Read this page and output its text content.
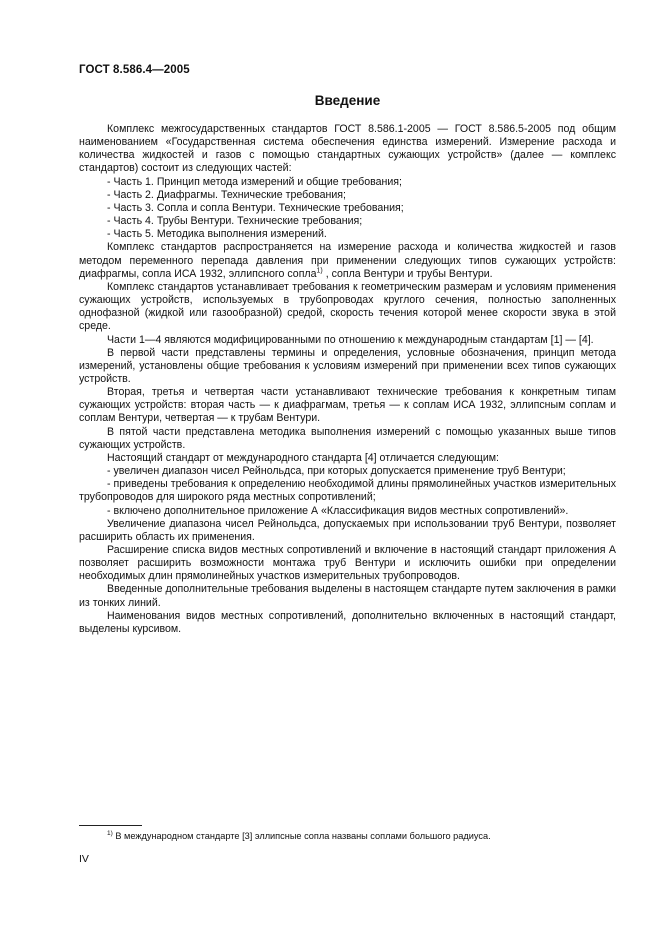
ГОСТ 8.586.4—2005
Введение

Комплекс межгосударственных стандартов ГОСТ 8.586.1-2005 — ГОСТ 8.586.5-2005 под общим наименованием «Государственная система обеспечения единства измерений. Измерение расхода и количества жидкостей и газов с помощью стандартных сужающих устройств» (далее — комплекс стандартов) состоит из следующих частей:

- Часть 1. Принцип метода измерений и общие требования;
- Часть 2. Диафрагмы. Технические требования;
- Часть 3. Сопла и сопла Вентури. Технические требования;
- Часть 4. Трубы Вентури. Технические требования;
- Часть 5. Методика выполнения измерений.

Комплекс стандартов распространяется на измерение расхода и количества жидкостей и газов методом переменного перепада давления при применении следующих типов сужающих устройств: диафрагмы, сопла ИСА 1932, эллипсного сопла$^{1)}$ , сопла Вентури и трубы Вентури.

Комплекс стандартов устанавливает требования к геометрическим размерам и условиям применения сужающих устройств, используемых в трубопроводах круглого сечения, полностью заполненных однофазной (жидкой или газообразной) средой, скорость течения которой менее скорости звука в этой среде.

Части 1—4 являются модифицированными по отношению к международным стандартам [1] — [4].

В первой части представлены термины и определения, условные обозначения, принцип метода измерений, установлены общие требования к условиям измерений при применении всех типов сужающих устройств.

Вторая, третья и четвертая части устанавливают технические требования к конкретным типам сужающих устройств: вторая часть — к диафрагмам, третья — к соплам ИСА 1932, эллипсным соплам и соплам Вентури, четвертая — к трубам Вентури.

В пятой части представлена методика выполнения измерений с помощью указанных выше типов сужающих устройств.

Настоящий стандарт от международного стандарта [4] отличается следующим:

- увеличен диапазон чисел Рейнольдса, при которых допускается применение труб Вентури;
- приведены требования к определению необходимой длины прямолинейных участков измерительных трубопроводов для широкого ряда местных сопротивлений;
- включено дополнительное приложение А «Классификация видов местных сопротивлений».

Увеличение диапазона чисел Рейнольдса, допускаемых при использовании труб Вентури, позволяет расширить область их применения.

Расширение списка видов местных сопротивлений и включение в настоящий стандарт приложения А позволяет расширить возможности монтажа труб Вентури и исключить ошибки при определении необходимых длин прямолинейных участков измерительных трубопроводов.

Введенные дополнительные требования выделены в настоящем стандарте путем заключения в рамки из тонких линий.

Наименования видов местных сопротивлений, дополнительно включенных в настоящий стандарт, выделены курсивом.

$^{1)}$ В международном стандарте [3] эллипсные сопла названы соплами большого радиуса.
IV
